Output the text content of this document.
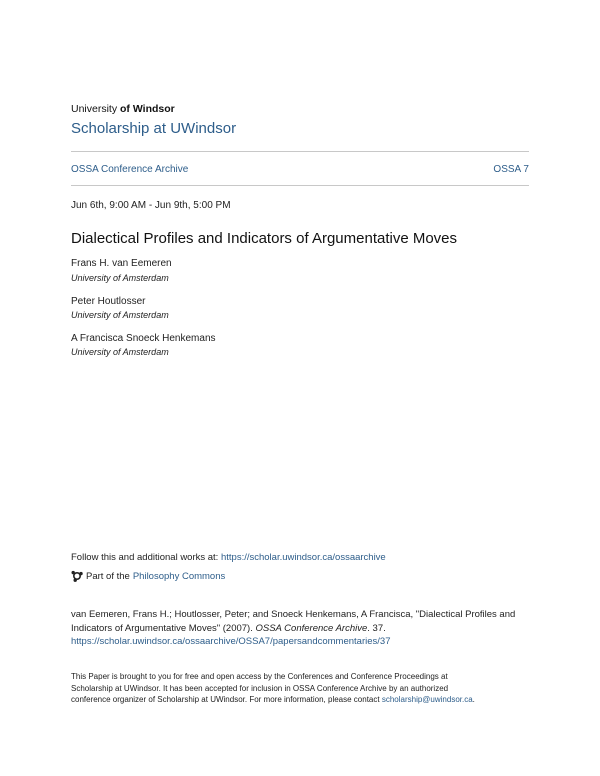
University of Windsor
Scholarship at UWindsor
OSSA Conference Archive	OSSA 7
Jun 6th, 9:00 AM - Jun 9th, 5:00 PM
Dialectical Profiles and Indicators of Argumentative Moves
Frans H. van Eemeren
University of Amsterdam
Peter Houtlosser
University of Amsterdam
A Francisca Snoeck Henkemans
University of Amsterdam
Follow this and additional works at: https://scholar.uwindsor.ca/ossaarchive
Part of the Philosophy Commons
van Eemeren, Frans H.; Houtlosser, Peter; and Snoeck Henkemans, A Francisca, "Dialectical Profiles and
Indicators of Argumentative Moves" (2007). OSSA Conference Archive. 37.
https://scholar.uwindsor.ca/ossaarchive/OSSA7/papersandcommentaries/37
This Paper is brought to you for free and open access by the Conferences and Conference Proceedings at
Scholarship at UWindsor. It has been accepted for inclusion in OSSA Conference Archive by an authorized
conference organizer of Scholarship at UWindsor. For more information, please contact scholarship@uwindsor.ca.
